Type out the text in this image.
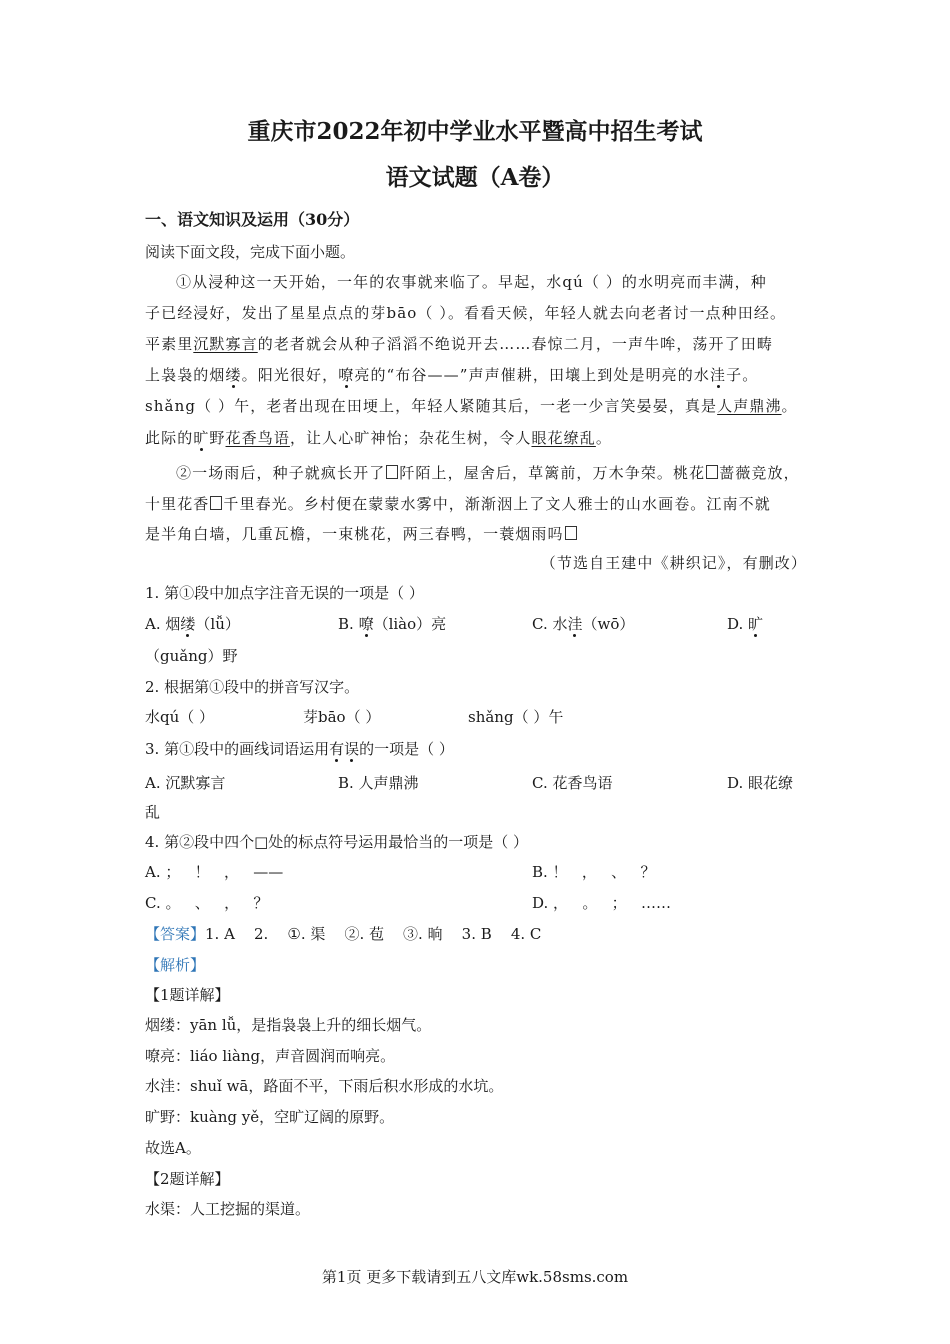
重庆市2022年初中学业水平暨高中招生考试
语文试题（A卷）
一、语文知识及运用（30分）
阅读下面文段，完成下面小题。
①从浸种这一天开始，一年的农事就来临了。早起，水qú（ ）的水明亮而丰满，种
子已经浸好，发出了星星点点的芽bāo（ ）。看看天候，年轻人就去向老者讨一点种田经。
平素里沉默寡言的老者就会从种子滔滔不绝说开去……春惊二月，一声牛哞，荡开了田畴
上袅袅的烟缕。阳光很好，嘹亮的“布谷——”声声催耕，田壤上到处是明亮的水洼子。
shǎng（ ）午，老者出现在田埂上，年轻人紧随其后，一老一少言笑晏晏，真是人声鼎沸。
此际的旷野花香鸟语，让人心旷神怡；杂花生树，令人眼花缭乱。
②一场雨后，种子就疯长开了 阡陌上，屋舍后，草篱前，万木争荣。桃花 蔷薇竞放，
十里花香 千里春光。乡村便在蒙蒙水雾中，渐渐洇上了文人雅士的山水画卷。江南不就
是半角白墙，几重瓦檐，一束桃花，两三春鸭，一蓑烟雨吗
（节选自王建中《耕织记》，有删改）
1. 第①段中加点字注音无误的一项是（ ）
A. 烟缕（lǚ）	B. 嘹（liào）亮	C. 水洼（wō）	D. 旷
（guǎng）野
2. 根据第①段中的拼音写汉字。
水qú（ ）	芽bāo（ ）	shǎng（ ）午
3. 第①段中的画线词语运用有误的一项是（ ）
A. 沉默寡言	B. 人声鼎沸	C. 花香鸟语	D. 眼花缭
乱
4. 第②段中四个□处的标点符号运用最恰当的一项是（ ）
A. ；   ！   ，   ——	B. ！   ，   、   ？
C. 。   、   ，   ？	D. ，   。   ；   ……
【答案】1. A    2.    ①. 渠    ②. 苞    ③. 晌    3. B    4. C
【解析】
【1题详解】
烟缕：yān lǚ，是指袅袅上升的细长烟气。
嘹亮：liáo liàng，声音圆润而响亮。
水洼：shuǐ wā，路面不平，下雨后积水形成的水坑。
旷野：kuàng yě，空旷辽阔的原野。
故选A。
【2题详解】
水渠：人工挖掘的渠道。
第1页 更多下载请到五八文库wk.58sms.com
